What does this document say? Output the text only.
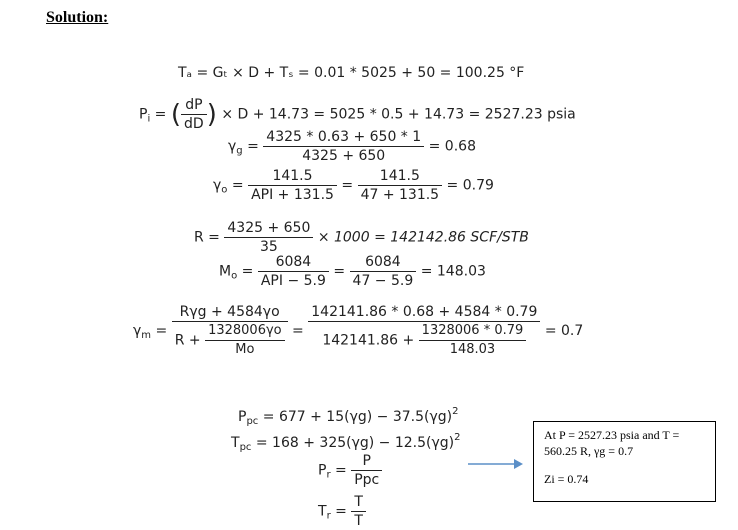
Solution:
Tₐ = Gₜ × D + Tₛ = 0.01 * 5025 + 50 = 100.25 °F
$P_i$ = ( $\frac{dP}{dD}$ ) × D + 14.73 = 5025 * 0.5 + 14.73 = 2527.23 psia
$\gamma_g = \frac{4325 * 0.63 + 650 * 1}{4325 + 650} = 0.68$
$\gamma_o = \frac{141.5}{\text{API + 131.5}} = \frac{141.5}{47 + 131.5} = 0.79$
$R = \frac{4325 + 650}{35} \times 1000 = 142142.86$ SCF/STB
$M_o = \frac{6084}{\text{API − 5.9}} = \frac{6084}{47 - 5.9} = 148.03$
$\gamma_m = \frac{\text{Rγg + 4584γo}}{R + \frac{1328006\gamma o}{Mo}} = \frac{142141.86 * 0.68 + 4584 * 0.79}{142141.86 + \frac{1328006 * 0.79}{148.03}} = 0.7$
$P_{pc} = 677 + 15(\gamma g) - 37.5(\gamma g)^2$
$T_{pc} = 168 + 325(\gamma g) - 12.5(\gamma g)^2$
$P_r = \frac{P}{\text{Ppc}}$
$T_r = \frac{T}{T}$
At P = 2527.23 psia and T =
560.25 R, γg = 0.7
Zi = 0.74
